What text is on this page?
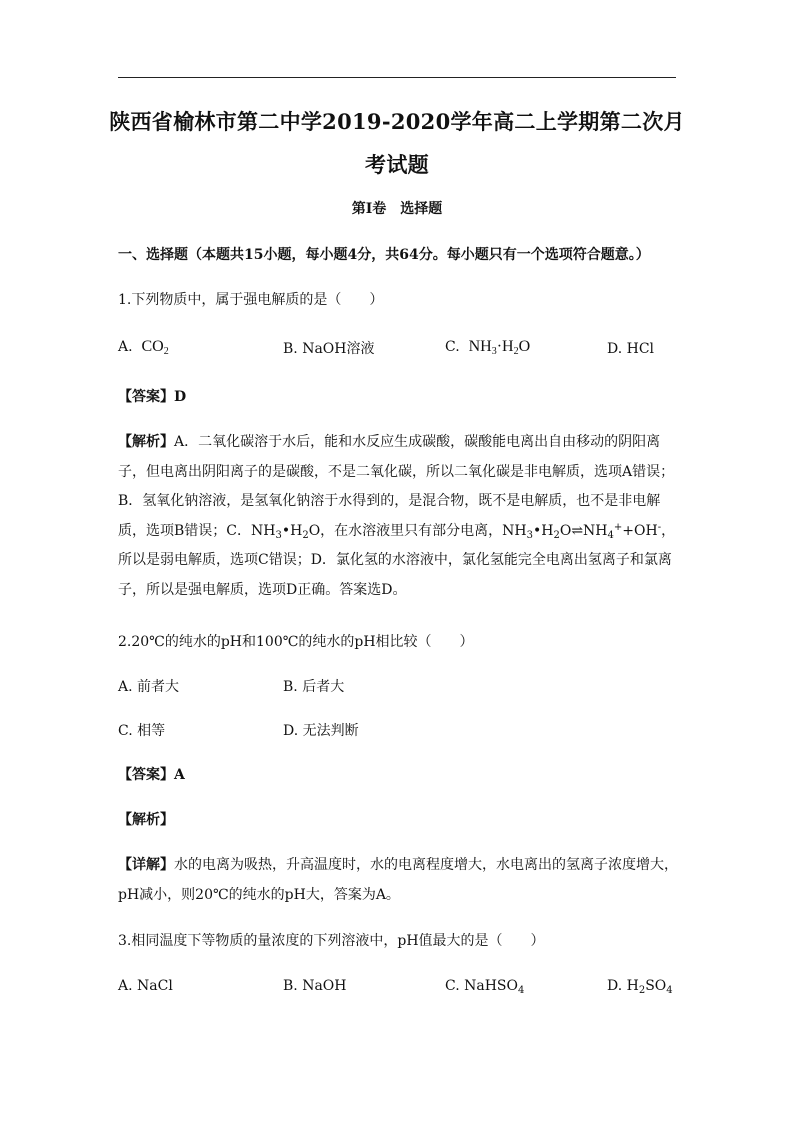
陕西省榆林市第二中学2019-2020学年高二上学期第二次月
考试题
第Ⅰ卷　选择题
一、选择题（本题共15小题，每小题4分，共64分。每小题只有一个选项符合题意。）
1.下列物质中，属于强电解质的是（　　）
A. $CO_2$	B. NaOH溶液	C. $NH_3\cdot H_2O$	D. HCl
【答案】D
【解析】A．二氧化碳溶于水后，能和水反应生成碳酸，碳酸能电离出自由移动的阴阳离子，但电离出阴阳离子的是碳酸，不是二氧化碳，所以二氧化碳是非电解质，选项A错误；B．氢氧化钠溶液，是氢氧化钠溶于水得到的，是混合物，既不是电解质，也不是非电解质，选项B错误；C．$NH_3•H_2O$，在水溶液里只有部分电离，$NH_3•H_2O\rightleftharpoons NH_4^++OH^-$，所以是弱电解质，选项C错误；D．氯化氢的水溶液中，氯化氢能完全电离出氢离子和氯离子，所以是强电解质，选项D正确。答案选D。
2.20℃的纯水的pH和100℃的纯水的pH相比较（　　）
A. 前者大	B. 后者大
C. 相等	D. 无法判断
【答案】A
【解析】
【详解】水的电离为吸热，升高温度时，水的电离程度增大，水电离出的氢离子浓度增大，pH减小，则20℃的纯水的pH大，答案为A。
3.相同温度下等物质的量浓度的下列溶液中，pH值最大的是（　　）
A. NaCl	B. NaOH	C. NaHSO$_4$	D. $H_2SO_4$
